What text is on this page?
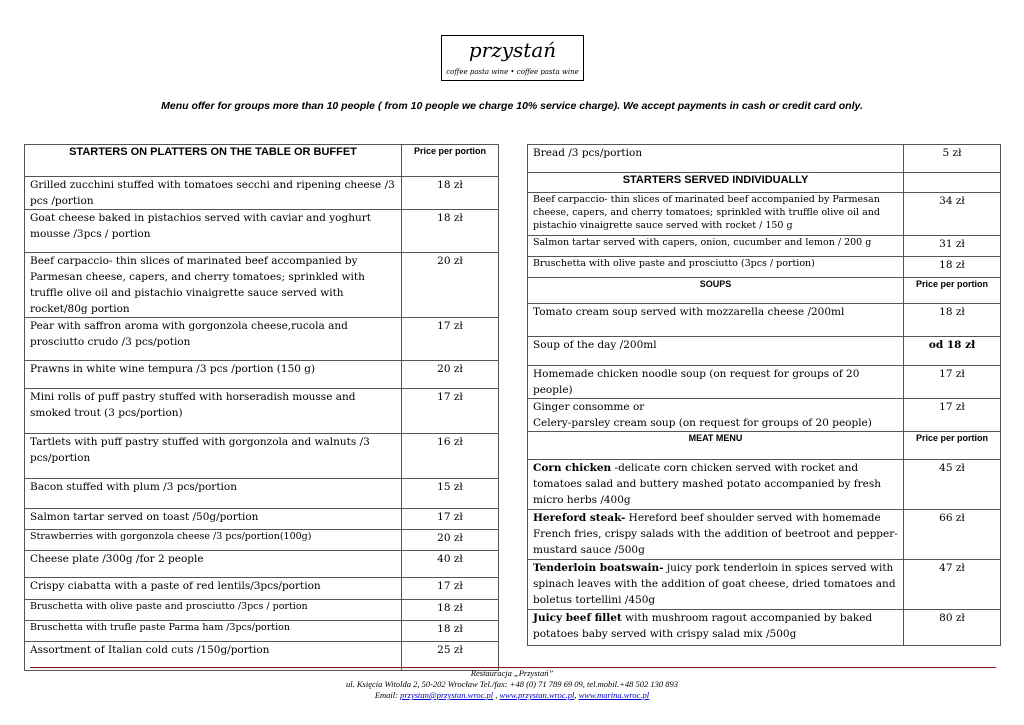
przystań
coffee pasta wine • coffee pasta wine
Menu offer for groups more than 10 people ( from 10 people we charge 10% service charge). We accept payments in cash or credit card only.
STARTERS ON PLATTERS ON THE TABLE OR BUFFET	Price per portion
Grilled zucchini stuffed with tomatoes secchi and ripening cheese /3 pcs /portion	18 zł
Goat cheese baked in pistachios served with caviar and yoghurt mousse /3pcs / portion	18 zł
Beef carpaccio- thin slices of marinated beef accompanied by Parmesan cheese, capers, and cherry tomatoes; sprinkled with truffle olive oil and pistachio vinaigrette sauce served with rocket/80g portion	20 zł
Pear with saffron aroma with gorgonzola cheese,rucola and prosciutto crudo /3 pcs/potion	17 zł
Prawns in white wine tempura /3 pcs /portion (150 g)	20 zł
Mini rolls of puff pastry stuffed with horseradish mousse and smoked trout (3 pcs/portion)	17 zł
Tartlets with puff pastry stuffed with gorgonzola and walnuts /3 pcs/portion	16 zł
Bacon stuffed with plum /3 pcs/portion	15 zł
Salmon tartar served on toast /50g/portion	17 zł
Strawberries with gorgonzola cheese /3 pcs/portion(100g)	20 zł
Cheese plate /300g /for 2 people	40 zł
Crispy ciabatta with a paste of red lentils/3pcs/portion	17 zł
Bruschetta with olive paste and prosciutto /3pcs / portion	18 zł
Bruschetta with trufle paste Parma ham /3pcs/portion	18 zł
Assortment of Italian cold cuts /150g/portion	25 zł
Bread /3 pcs/portion	5 zł
STARTERS SERVED INDIVIDUALLY	
Beef carpaccio- thin slices of marinated beef accompanied by Parmesan cheese, capers, and cherry tomatoes; sprinkled with truffle olive oil and pistachio vinaigrette sauce served with rocket / 150 g	34 zł
Salmon tartar served with capers, onion, cucumber and lemon / 200 g	31 zł
Bruschetta with olive paste and prosciutto (3pcs / portion)	18 zł
SOUPS	Price per portion
Tomato cream soup served with mozzarella cheese /200ml	18 zł
Soup of the day /200ml	od 18 zł
Homemade chicken noodle soup (on request for groups of 20 people)	17 zł

Ginger consomme or
Celery-parsley cream soup (on request for groups of 20 people)	17 zł
MEAT MENU	Price per portion
Corn chicken -delicate corn chicken served with rocket and tomatoes salad and buttery mashed potato accompanied by fresh micro herbs /400g	45 zł
Hereford steak- Hereford beef shoulder served with homemade French fries, crispy salads with the addition of beetroot and pepper-mustard sauce /500g	66 zł
Tenderloin boatswain- juicy pork tenderloin in spices served with spinach leaves with the addition of goat cheese, dried tomatoes and boletus tortellini /450g	47 zł
Juicy beef fillet with mushroom ragout accompanied by baked potatoes baby served with crispy salad mix /500g	80 zł
Restauracja „Przystań”
ul. Księcia Witolda 2, 50-202 Wrocław Tel./fax: +48 (0) 71 789 69 09, tel.mobil.+48 502 130 893
Email: przystan@przystan.wroc.pl , www.przystan.wroc.pl, www.marina.wroc.pl
